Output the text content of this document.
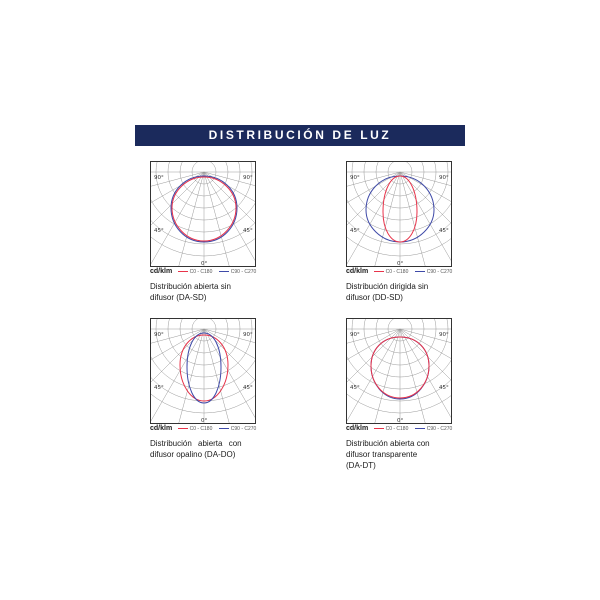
DISTRIBUCIÓN DE LUZ
90°	90°
45°	45°
0°
cd/klm	C0 - C180	C90 - C270
Distribución abierta sin
difusor (DA-SD)
90°	90°
45°	45°
0°
cd/klm	C0 - C180	C90 - C270
Distribución dirigida sin
difusor (DD-SD)
90°	90°
45°	45°
0°
cd/klm	C0 - C180	C90 - C270
Distribución abierta con
difusor opalino (DA-DO)
90°	90°
45°	45°
0°
cd/klm	C0 - C180	C90 - C270
Distribución abierta con
difusor transparente
(DA-DT)
